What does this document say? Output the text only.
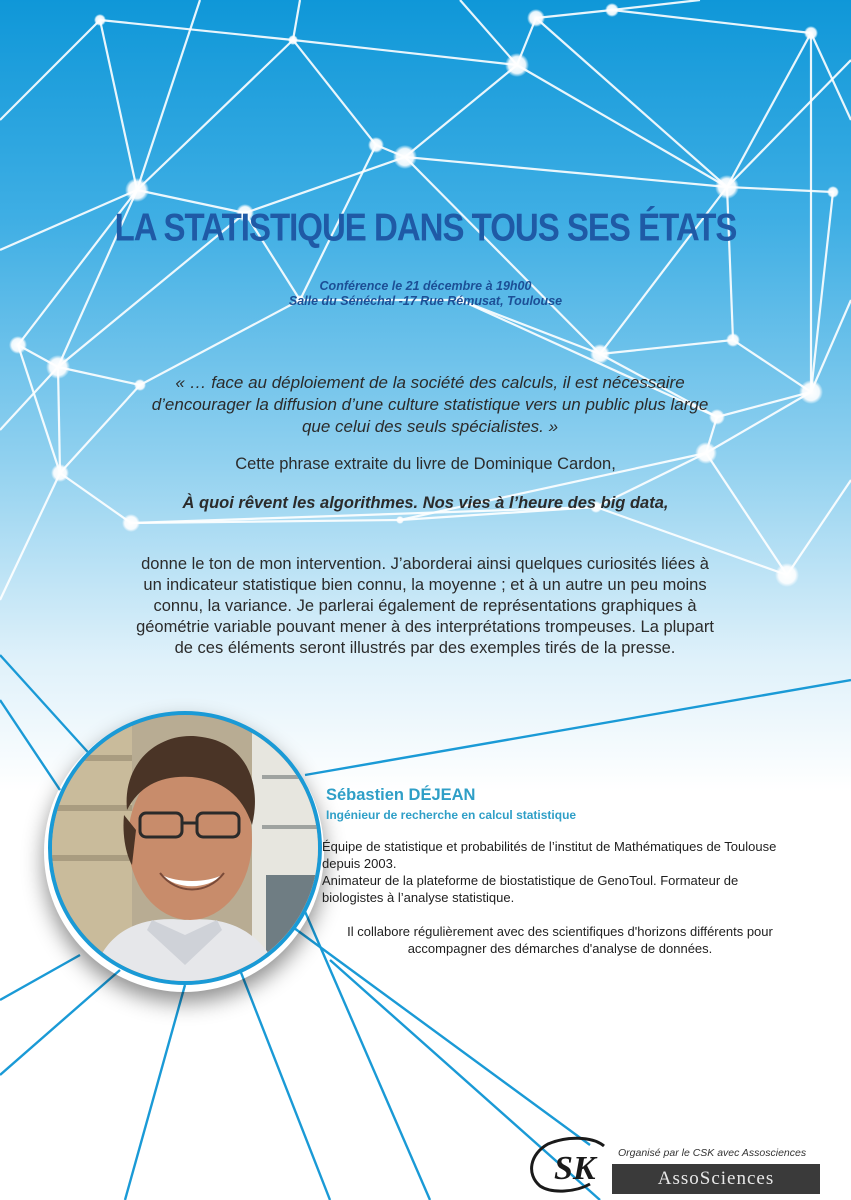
LA STATISTIQUE DANS TOUS SES ÉTATS
Conférence le 21 décembre à 19h00
Salle du Sénéchal -17 Rue Rémusat, Toulouse
« … face au déploiement de la société des calculs, il est nécessaire d’encourager la diffusion d’une culture statistique vers un public plus large que celui des seuls spécialistes. »
Cette phrase extraite du livre de Dominique Cardon,
À quoi rêvent les algorithmes. Nos vies à l’heure des big data,
donne le ton de mon intervention. J’aborderai ainsi quelques curiosités liées à un indicateur statistique bien connu, la moyenne ; et à un autre un peu moins connu, la variance. Je parlerai également de représentations graphiques à géométrie variable pouvant mener à des interprétations trompeuses. La plupart de ces éléments seront illustrés par des exemples tirés de la presse.
Sébastien DÉJEAN
Ingénieur de recherche en calcul statistique
Équipe de statistique et probabilités de l’institut de Mathématiques de Toulouse depuis 2003.
Animateur de la plateforme de biostatistique de GenoToul. Formateur de biologistes à l’analyse statistique.
Il collabore régulièrement avec des scientifiques d'horizons différents pour accompagner des démarches d'analyse de données.
Organisé par le CSK avec Assosciences
SK	AssoSciences
